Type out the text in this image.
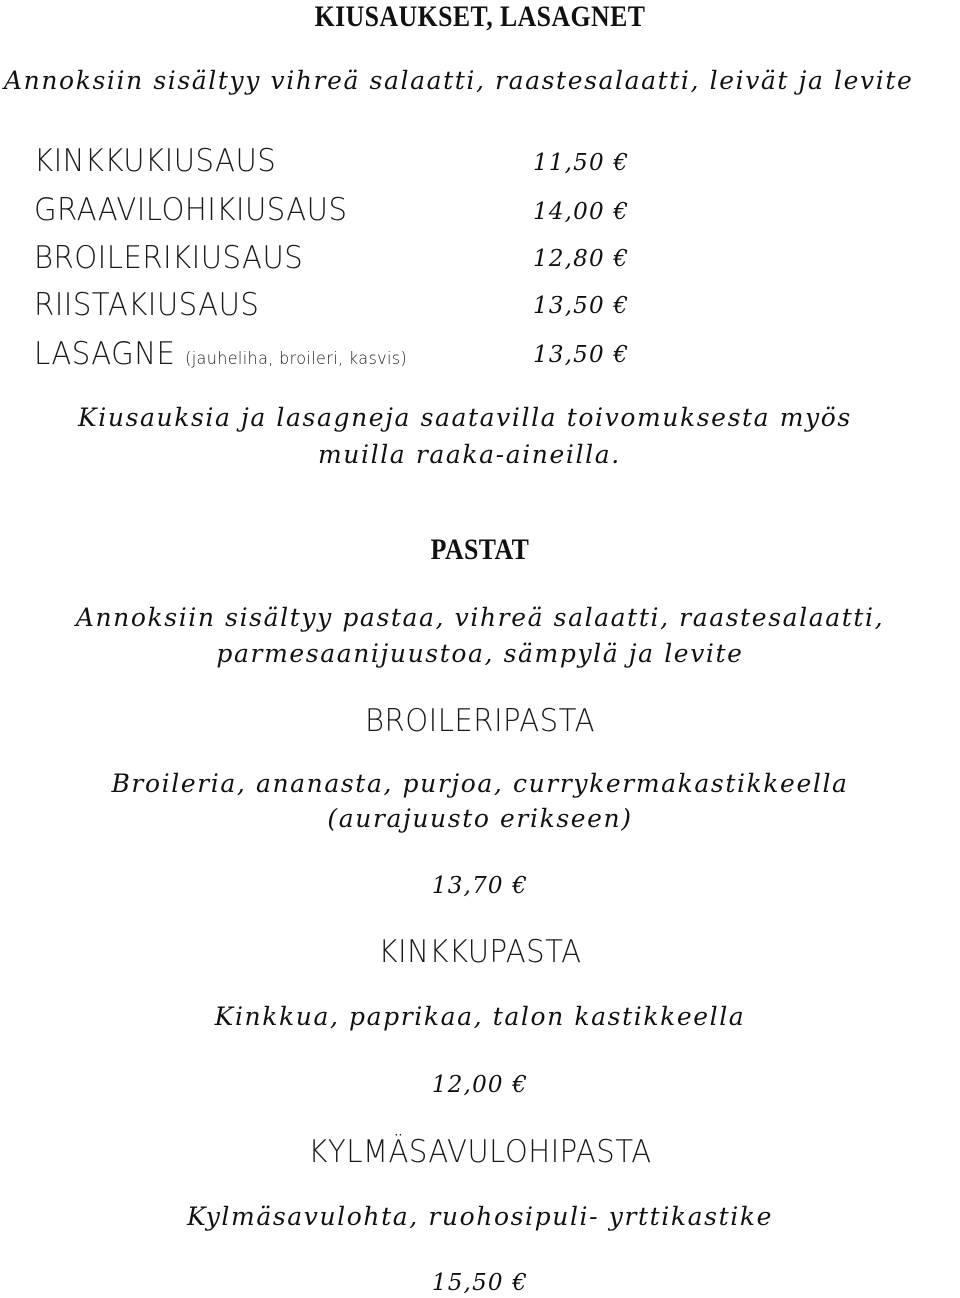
KIUSAUKSET, LASAGNET
Annoksiin sisältyy vihreä salaatti, raastesalaatti, leivät ja levite
KINKKUKIUSAUS	11,50 €
GRAAVILOHIKIUSAUS	14,00 €
BROILERIKIUSAUS	12,80 €
RIISTAKIUSAUS	13,50 €
LASAGNE (jauheliha, broileri, kasvis)	13,50 €
Kiusauksia ja lasagneja saatavilla toivomuksesta myös
muilla raaka-aineilla.
PASTAT
Annoksiin sisältyy pastaa, vihreä salaatti, raastesalaatti,
parmesaanijuustoa, sämpylä ja levite
BROILERIPASTA
Broileria, ananasta, purjoa, currykermakastikkeella
(aurajuusto erikseen)
13,70 €
KINKKUPASTA
Kinkkua, paprikaa, talon kastikkeella
12,00 €
KYLMÄSAVULOHIPASTA
Kylmäsavulohta, ruohosipuli- yrttikastike
15,50 €
